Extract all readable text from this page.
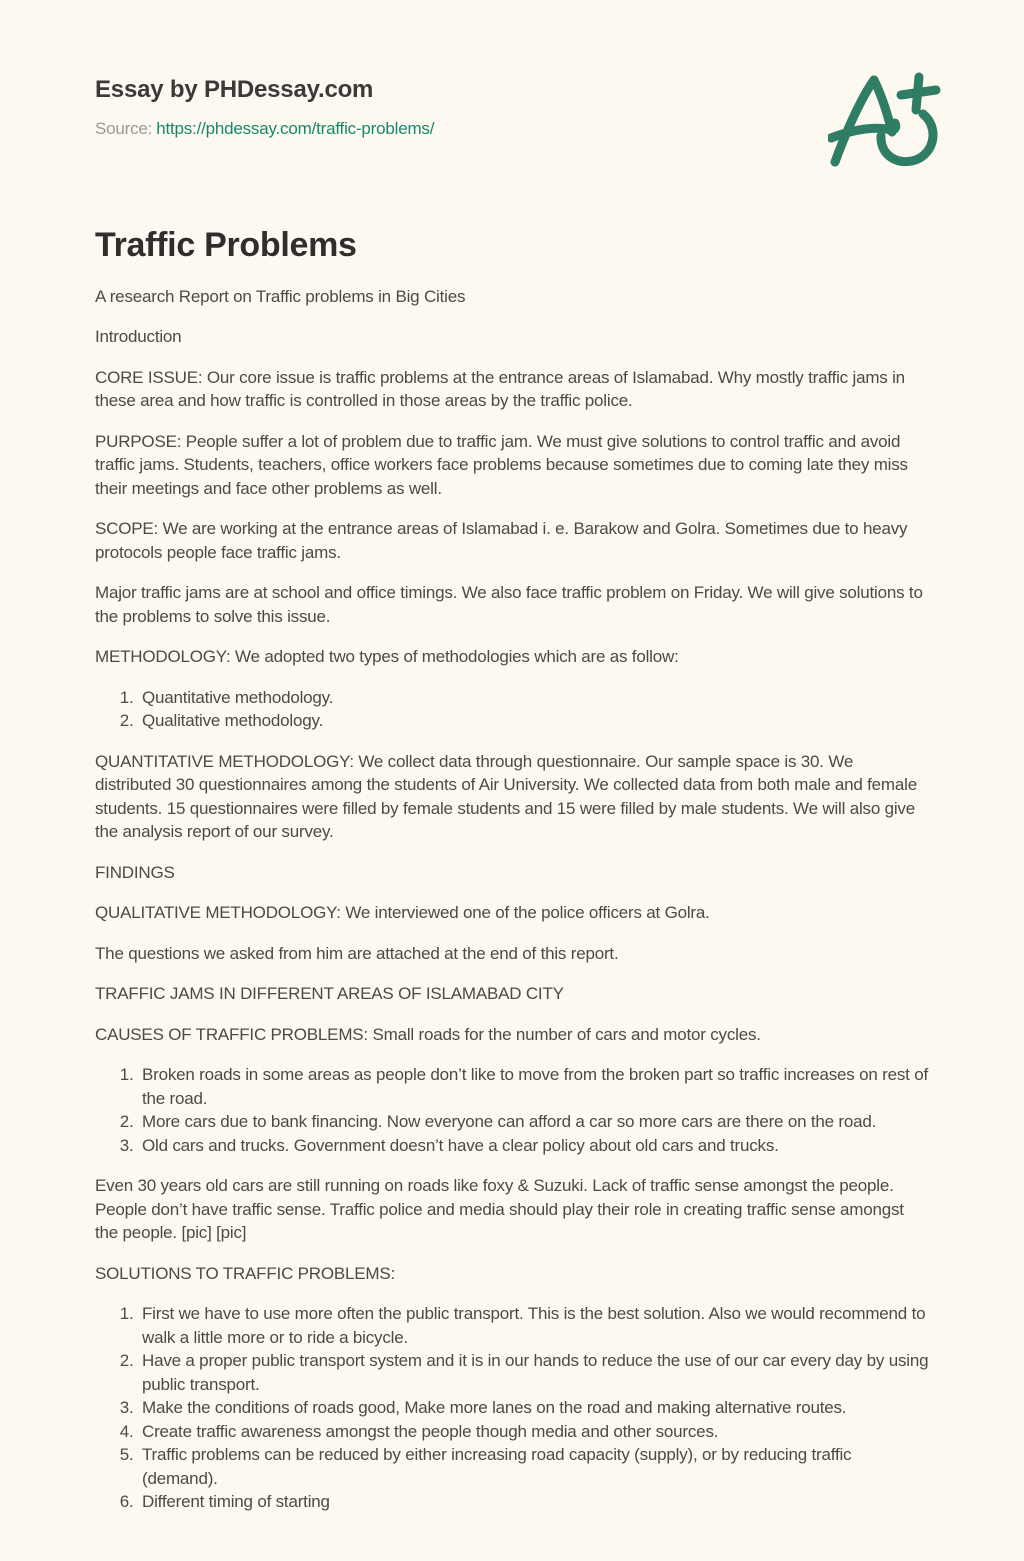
Essay by PHDessay.com
Source: https://phdessay.com/traffic-problems/
Traffic Problems

A research Report on Traffic problems in Big Cities

Introduction

CORE ISSUE: Our core issue is traffic problems at the entrance areas of Islamabad. Why mostly traffic jams in these area and how traffic is controlled in those areas by the traffic police.

PURPOSE: People suffer a lot of problem due to traffic jam. We must give solutions to control traffic and avoid traffic jams. Students, teachers, office workers face problems because sometimes due to coming late they miss their meetings and face other problems as well.

SCOPE: We are working at the entrance areas of Islamabad i. e. Barakow and Golra. Sometimes due to heavy protocols people face traffic jams.

Major traffic jams are at school and office timings. We also face traffic problem on Friday. We will give solutions to the problems to solve this issue.

METHODOLOGY: We adopted two types of methodologies which are as follow:

1. Quantitative methodology.
2. Qualitative methodology.

QUANTITATIVE METHODOLOGY: We collect data through questionnaire. Our sample space is 30. We distributed 30 questionnaires among the students of Air University. We collected data from both male and female students. 15 questionnaires were filled by female students and 15 were filled by male students. We will also give the analysis report of our survey.

FINDINGS

QUALITATIVE METHODOLOGY: We interviewed one of the police officers at Golra.

The questions we asked from him are attached at the end of this report.

TRAFFIC JAMS IN DIFFERENT AREAS OF ISLAMABAD CITY

CAUSES OF TRAFFIC PROBLEMS: Small roads for the number of cars and motor cycles.

1. Broken roads in some areas as people don’t like to move from the broken part so traffic increases on rest of the road.
2. More cars due to bank financing. Now everyone can afford a car so more cars are there on the road.
3. Old cars and trucks. Government doesn’t have a clear policy about old cars and trucks.

Even 30 years old cars are still running on roads like foxy & Suzuki. Lack of traffic sense amongst the people. People don’t have traffic sense. Traffic police and media should play their role in creating traffic sense amongst the people. [pic] [pic]

SOLUTIONS TO TRAFFIC PROBLEMS:

1. First we have to use more often the public transport. This is the best solution. Also we would recommend to walk a little more or to ride a bicycle.
2. Have a proper public transport system and it is in our hands to reduce the use of our car every day by using public transport.
3. Make the conditions of roads good, Make more lanes on the road and making alternative routes.
4. Create traffic awareness amongst the people though media and other sources.
5. Traffic problems can be reduced by either increasing road capacity (supply), or by reducing traffic (demand).
6. Different timing of starting
